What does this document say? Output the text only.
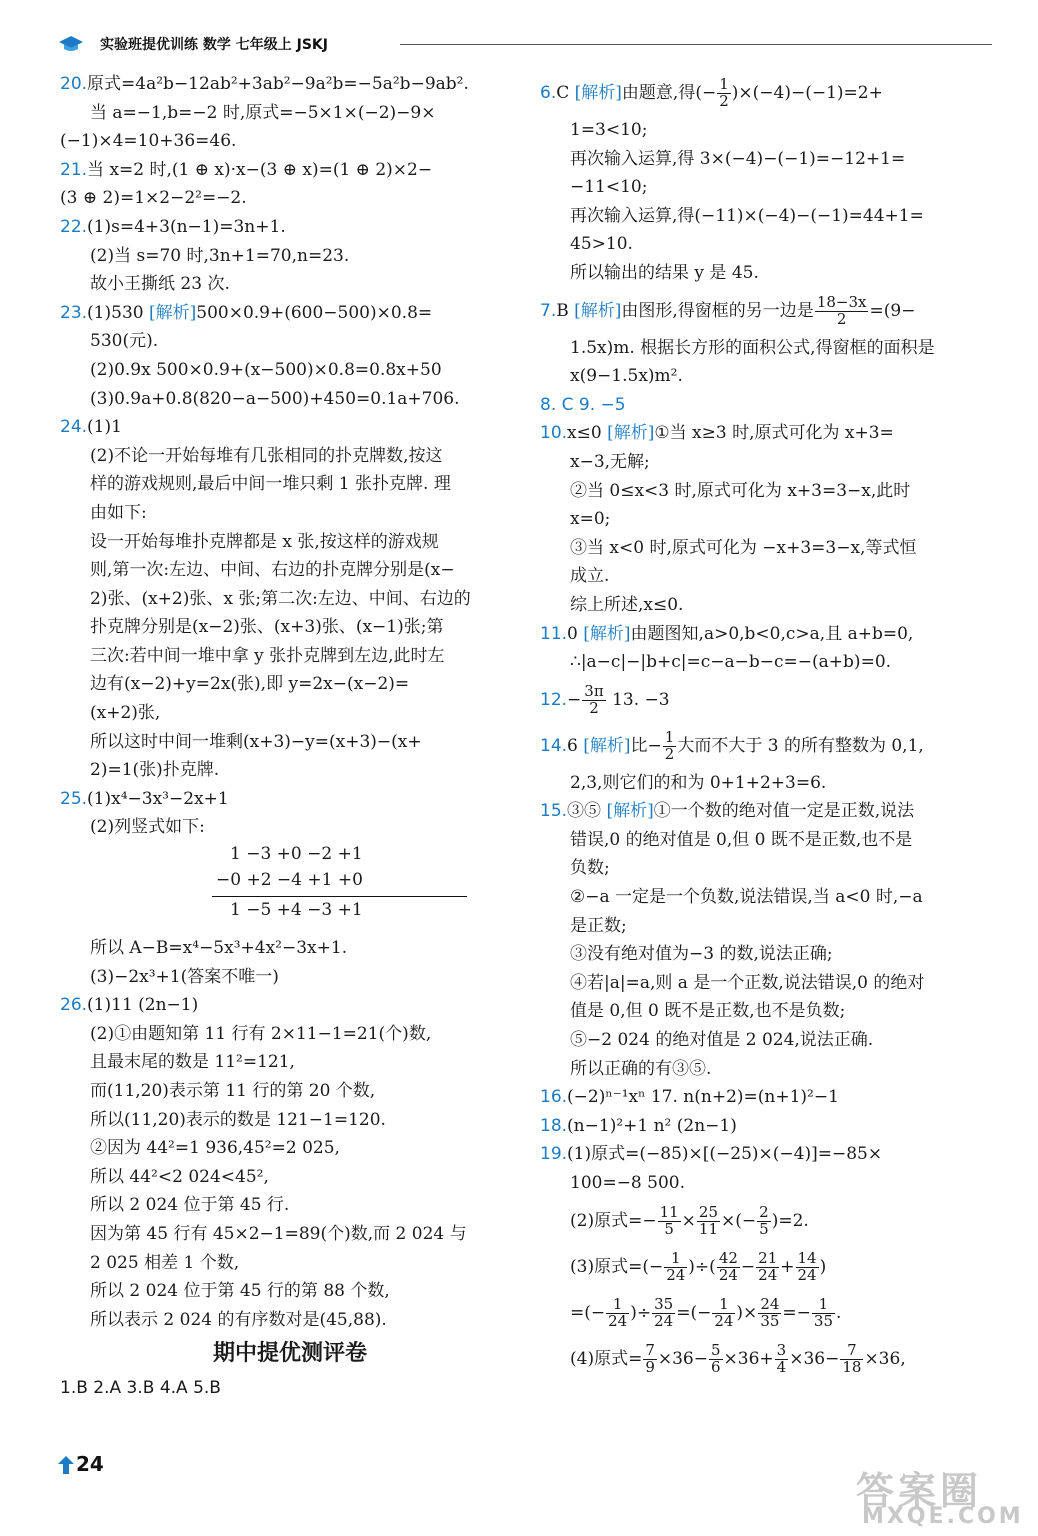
实验班提优训练 数学 七年级上 JSKJ
20.原式=4a²b−12ab²+3ab²−9a²b=−5a²b−9ab².
当 a=−1,b=−2 时,原式=−5×1×(−2)−9×
(−1)×4=10+36=46.
21.当 x=2 时,(1 ⊕ x)·x−(3 ⊕ x)=(1 ⊕ 2)×2−
(3 ⊕ 2)=1×2−2²=−2.
22.(1)s=4+3(n−1)=3n+1.
(2)当 s=70 时,3n+1=70,n=23.
故小王撕纸 23 次.
23.(1)530 [解析]500×0.9+(600−500)×0.8=
530(元).
(2)0.9x 500×0.9+(x−500)×0.8=0.8x+50
(3)0.9a+0.8(820−a−500)+450=0.1a+706.
24.(1)1
(2)不论一开始每堆有几张相同的扑克牌数,按这
样的游戏规则,最后中间一堆只剩 1 张扑克牌. 理
由如下:
设一开始每堆扑克牌都是 x 张,按这样的游戏规
则,第一次:左边、中间、右边的扑克牌分别是(x−
2)张、(x+2)张、x 张;第二次:左边、中间、右边的
扑克牌分别是(x−2)张、(x+3)张、(x−1)张;第
三次:若中间一堆中拿 y 张扑克牌到左边,此时左
边有(x−2)+y=2x(张),即 y=2x−(x−2)=
(x+2)张,
所以这时中间一堆剩(x+3)−y=(x+3)−(x+
2)=1(张)扑克牌.
25.(1)x⁴−3x³−2x+1
(2)列竖式如下:
1 −3 +0 −2 +1
−0 +2 −4 +1 +0
1 −5 +4 −3 +1
所以 A−B=x⁴−5x³+4x²−3x+1.
(3)−2x³+1(答案不唯一)
26.(1)11 (2n−1)
(2)①由题知第 11 行有 2×11−1=21(个)数,
且最末尾的数是 11²=121,
而(11,20)表示第 11 行的第 20 个数,
所以(11,20)表示的数是 121−1=120.
②因为 44²=1 936,45²=2 025,
所以 44²<2 024<45²,
所以 2 024 位于第 45 行.
因为第 45 行有 45×2−1=89(个)数,而 2 024 与
2 025 相差 1 个数,
所以 2 024 位于第 45 行的第 88 个数,
所以表示 2 024 的有序数对是(45,88).
期中提优测评卷
1.B 2.A 3.B 4.A 5.B
6.C [解析]由题意,得(− $\frac{1}{2} )\times(-4)-(-1)=2+$
1=3<10;
再次输入运算,得 3×(−4)−(−1)=−12+1=
−11<10;
再次输入运算,得(−11)×(−4)−(−1)=44+1=
45>10.
所以输出的结果 y 是 45.
7.B [解析]由图形,得窗框的另一边是 $\frac{18-3x}{2} =(9-$
1.5x)m. 根据长方形的面积公式,得窗框的面积是
x(9−1.5x)m².
8. C 9. −5
10.x≤0 [解析]①当 x≥3 时,原式可化为 x+3=
x−3,无解;
②当 0≤x<3 时,原式可化为 x+3=3−x,此时
x=0;
③当 x<0 时,原式可化为 −x+3=3−x,等式恒
成立.
综上所述,x≤0.
11.0 [解析]由题图知,a>0,b<0,c>a,且 a+b=0,
∴|a−c|−|b+c|=c−a−b−c=−(a+b)=0.
$12.- \frac{3\pi}{2} 13$. −3
14.6 [解析]比− $\frac{1}{2}$ 大而不大于 3 的所有整数为 0,1,
2,3,则它们的和为 0+1+2+3=6.
15.③⑤ [解析]①一个数的绝对值一定是正数,说法
错误,0 的绝对值是 0,但 0 既不是正数,也不是
负数;
②−a 一定是一个负数,说法错误,当 a<0 时,−a
是正数;
③没有绝对值为−3 的数,说法正确;
④若|a|=a,则 a 是一个正数,说法错误,0 的绝对
值是 0,但 0 既不是正数,也不是负数;
⑤−2 024 的绝对值是 2 024,说法正确.
所以正确的有③⑤.
16.(−2)ⁿ⁻¹xⁿ 17. n(n+2)=(n+1)²−1
18.(n−1)²+1 n² (2n−1)
19.(1)原式=(−85)×[(−25)×(−4)]=−85×
100=−8 500.
(2)原式=− $\frac{11}{5} \times \frac{25}{11}$ ×(− $\frac{2}{5} )=2$.
(3)原式=(− $\frac{1}{24}$ )÷( $\frac{42}{24} - \frac{21}{24} + \frac{14}{24}$ )
=(− $\frac{1}{24}$ )÷ $\frac{35}{24}$ =(− $\frac{1}{24}$ )× $\frac{24}{35} =- \frac{1}{35}$ .
(4)原式= $\frac{7}{9} \times 36- \frac{5}{6} \times 36+ \frac{3}{4} \times 36- \frac{7}{18} \times 36$,
24
答案圈
MXQE.COM
